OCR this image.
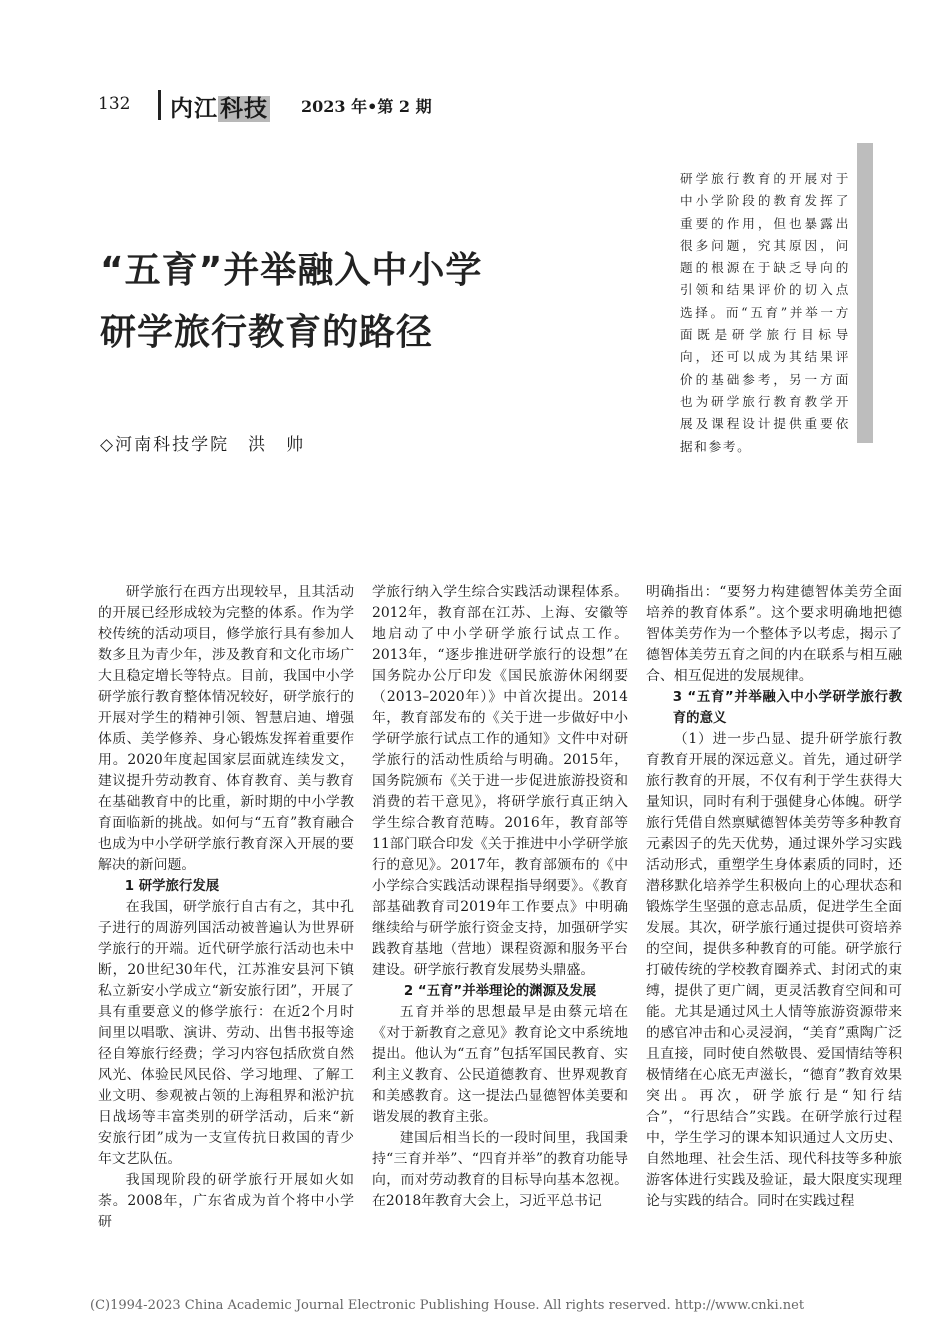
132 内江科技 2023 年•第 2 期
研学旅行教育的开展对于中小学阶段的教育发挥了重要的作用，但也暴露出很多问题，究其原因，问题的根源在于缺乏导向的引领和结果评价的切入点选择。而“五育”并举一方面既是研学旅行目标导向，还可以成为其结果评价的基础参考，另一方面也为研学旅行教育教学开展及课程设计提供重要依据和参考。
“五育”并举融入中小学
研学旅行教育的路径
◇河南科技学院　洪　帅

研学旅行在西方出现较早，且其活动的开展已经形成较为完整的体系。作为学校传统的活动项目，修学旅行具有参加人数多且为青少年，涉及教育和文化市场广大且稳定增长等特点。目前，我国中小学研学旅行教育整体情况较好，研学旅行的开展对学生的精神引领、智慧启迪、增强体质、美学修养、身心锻炼发挥着重要作用。2020年度起国家层面就连续发文，建议提升劳动教育、体育教育、美与教育在基础教育中的比重，新时期的中小学教育面临新的挑战。如何与“五育”教育融合也成为中小学研学旅行教育深入开展的要解决的新问题。

1 研学旅行发展

在我国，研学旅行自古有之，其中孔子进行的周游列国活动被普遍认为世界研学旅行的开端。近代研学旅行活动也未中断，20世纪30年代，江苏淮安县河下镇私立新安小学成立“新安旅行团”，开展了具有重要意义的修学旅行：在近2个月时间里以唱歌、演讲、劳动、出售书报等途径自筹旅行经费；学习内容包括欣赏自然风光、体验民风民俗、学习地理、了解工业文明、参观被占领的上海租界和淞沪抗日战场等丰富类别的研学活动，后来“新安旅行团”成为一支宣传抗日救国的青少年文艺队伍。

我国现阶段的研学旅行开展如火如荼。2008年，广东省成为首个将中小学研

学旅行纳入学生综合实践活动课程体系。2012年，教育部在江苏、上海、安徽等地启动了中小学研学旅行试点工作。2013年，“逐步推进研学旅行的设想”在国务院办公厅印发《国民旅游休闲纲要（2013–2020年）》中首次提出。2014年，教育部发布的《关于进一步做好中小学研学旅行试点工作的通知》文件中对研学旅行的活动性质给与明确。2015年，国务院颁布《关于进一步促进旅游投资和消费的若干意见》，将研学旅行真正纳入学生综合教育范畴。2016年，教育部等11部门联合印发《关于推进中小学研学旅行的意见》。2017年，教育部颁布的《中小学综合实践活动课程指导纲要》。《教育部基础教育司2019年工作要点》中明确继续给与研学旅行资金支持，加强研学实践教育基地（营地）课程资源和服务平台建设。研学旅行教育发展势头鼎盛。

2 “五育”并举理论的渊源及发展

五育并举的思想最早是由蔡元培在《对于新教育之意见》教育论文中系统地提出。他认为“五育”包括军国民教育、实利主义教育、公民道德教育、世界观教育和美感教育。这一提法凸显德智体美要和谐发展的教育主张。

建国后相当长的一段时间里，我国秉持“三育并举”、“四育并举”的教育功能导向，而对劳动教育的目标导向基本忽视。在2018年教育大会上，习近平总书记

明确指出：“要努力构建德智体美劳全面培养的教育体系”。这个要求明确地把德智体美劳作为一个整体予以考虑，揭示了德智体美劳五育之间的内在联系与相互融合、相互促进的发展规律。

3 “五育”并举融入中小学研学旅行教育的意义

（1）进一步凸显、提升研学旅行教育教育开展的深远意义。首先，通过研学旅行教育的开展，不仅有利于学生获得大量知识，同时有利于强健身心体魄。研学旅行凭借自然禀赋德智体美劳等多种教育元素因子的先天优势，通过课外学习实践活动形式，重塑学生身体素质的同时，还潜移默化培养学生积极向上的心理状态和锻炼学生坚强的意志品质，促进学生全面发展。其次，研学旅行通过提供可资培养的空间，提供多种教育的可能。研学旅行打破传统的学校教育圈养式、封闭式的束缚，提供了更广阔，更灵活教育空间和可能。尤其是通过风土人情等旅游资源带来的感官冲击和心灵浸润，“美育”熏陶广泛且直接，同时使自然敬畏、爱国情结等积极情绪在心底无声滋长，“德育”教育效果突出。再次，研学旅行是“知行结合”，“行思结合”实践。在研学旅行过程中，学生学习的课本知识通过人文历史、自然地理、社会生活、现代科技等多种旅游客体进行实践及验证，最大限度实现理论与实践的结合。同时在实践过程

(C)1994-2023 China Academic Journal Electronic Publishing House. All rights reserved. http://www.cnki.net
